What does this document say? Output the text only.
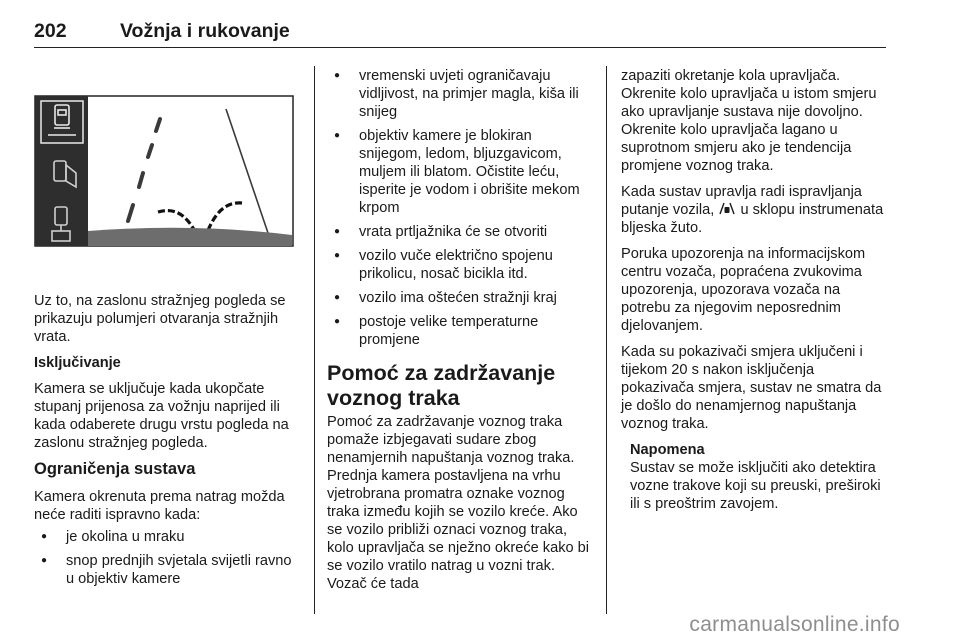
202	Vožnja i rukovanje

Uz to, na zaslonu stražnjeg pogleda se prikazuju polumjeri otvaranja stražnjih vrata.

Isključivanje

Kamera se uključuje kada ukopčate stupanj prijenosa za vožnju naprijed ili kada odaberete drugu vrstu pogleda na zaslonu stražnjeg pogleda.

Ograničenja sustava

Kamera okrenuta prema natrag možda neće raditi ispravno kada:

● je okolina u mraku
● snop prednjih svjetala svijetli ravno u objektiv kamere
● vremenski uvjeti ograničavaju vidljivost, na primjer magla, kiša ili snijeg
● objektiv kamere je blokiran snijegom, ledom, bljuzgavicom, muljem ili blatom. Očistite leću, isperite je vodom i obrišite mekom krpom
● vrata prtljažnika će se otvoriti
● vozilo vuče električno spojenu prikolicu, nosač bicikla itd.
● vozilo ima oštećen stražnji kraj
● postoje velike temperaturne promjene
Pomoć za zadržavanje voznog traka

Pomoć za zadržavanje voznog traka pomaže izbjegavati sudare zbog nenamjernih napuštanja voznog traka. Prednja kamera postavljena na vrhu vjetrobrana promatra oznake voznog traka između kojih se vozilo kreće. Ako se vozilo približi oznaci voznog traka, kolo upravljača se nježno okreće kako bi se vozilo vratilo natrag u vozni trak. Vozač će tada

zapaziti okretanje kola upravljača. Okrenite kolo upravljača u istom smjeru ako upravljanje sustava nije dovoljno. Okrenite kolo upravljača lagano u suprotnom smjeru ako je tendencija promjene voznog traka.

Kada sustav upravlja radi ispravljanja putanje vozila, u sklopu instrumenata bljeska žuto.

Poruka upozorenja na informacijskom centru vozača, popraćena zvukovima upozorenja, upozorava vozača na potrebu za njegovim neposrednim djelovanjem.

Kada su pokazivači smjera uključeni i tijekom 20 s nakon isključenja pokazivača smjera, sustav ne smatra da je došlo do nenamjernog napuštanja voznog traka.

Napomena
Sustav se može isključiti ako detektira vozne trakove koji su preuski, preširoki ili s preoštrim zavojem.
carmanualsonline.info
